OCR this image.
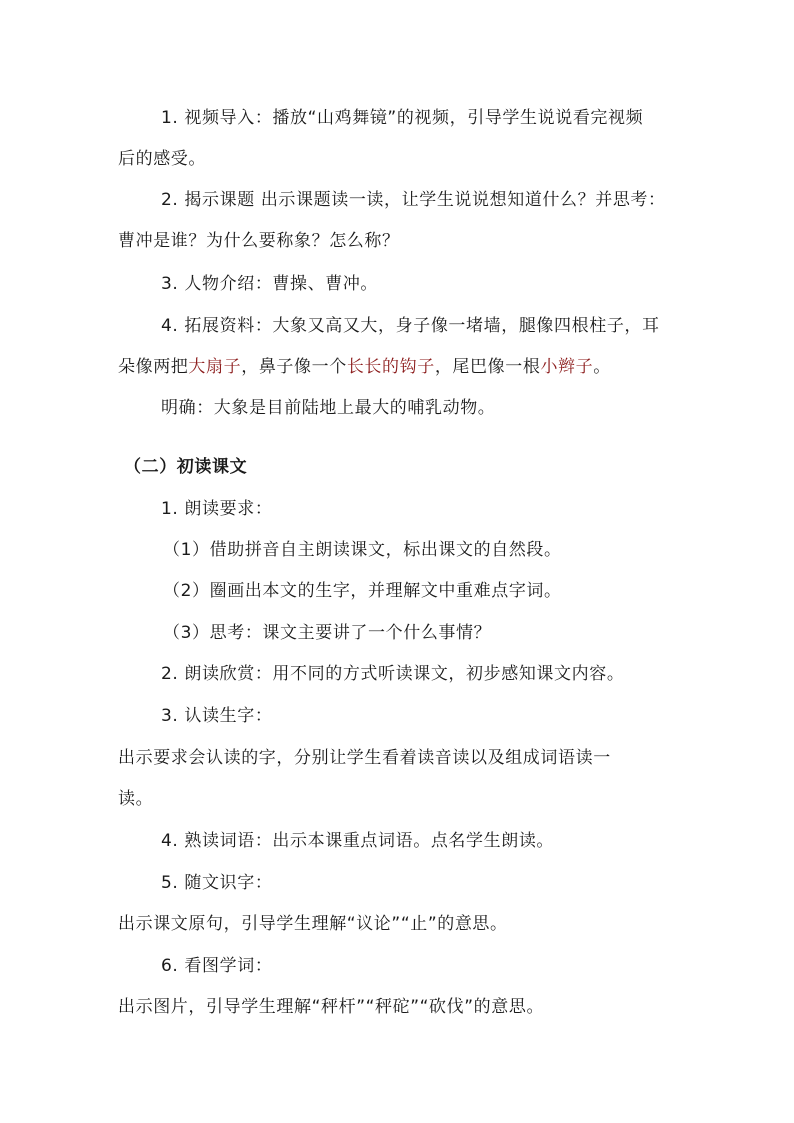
1. 视频导入：播放“山鸡舞镜”的视频，引导学生说说看完视频
后的感受。
2. 揭示课题 出示课题读一读，让学生说说想知道什么？并思考：
曹冲是谁？为什么要称象？怎么称？
3. 人物介绍：曹操、曹冲。
4. 拓展资料：大象又高又大，身子像一堵墙，腿像四根柱子，耳
朵像两把大扇子，鼻子像一个长长的钩子，尾巴像一根小辫子。
明确：大象是目前陆地上最大的哺乳动物。
（二）初读课文
1. 朗读要求：
（1）借助拼音自主朗读课文，标出课文的自然段。
（2）圈画出本文的生字，并理解文中重难点字词。
（3）思考：课文主要讲了一个什么事情？
2. 朗读欣赏：用不同的方式听读课文，初步感知课文内容。
3. 认读生字：
出示要求会认读的字，分别让学生看着读音读以及组成词语读一
读。
4. 熟读词语：出示本课重点词语。点名学生朗读。
5. 随文识字：
出示课文原句，引导学生理解“议论”“止”的意思。
6. 看图学词：
出示图片，引导学生理解“秤杆”“秤砣”“砍伐”的意思。
